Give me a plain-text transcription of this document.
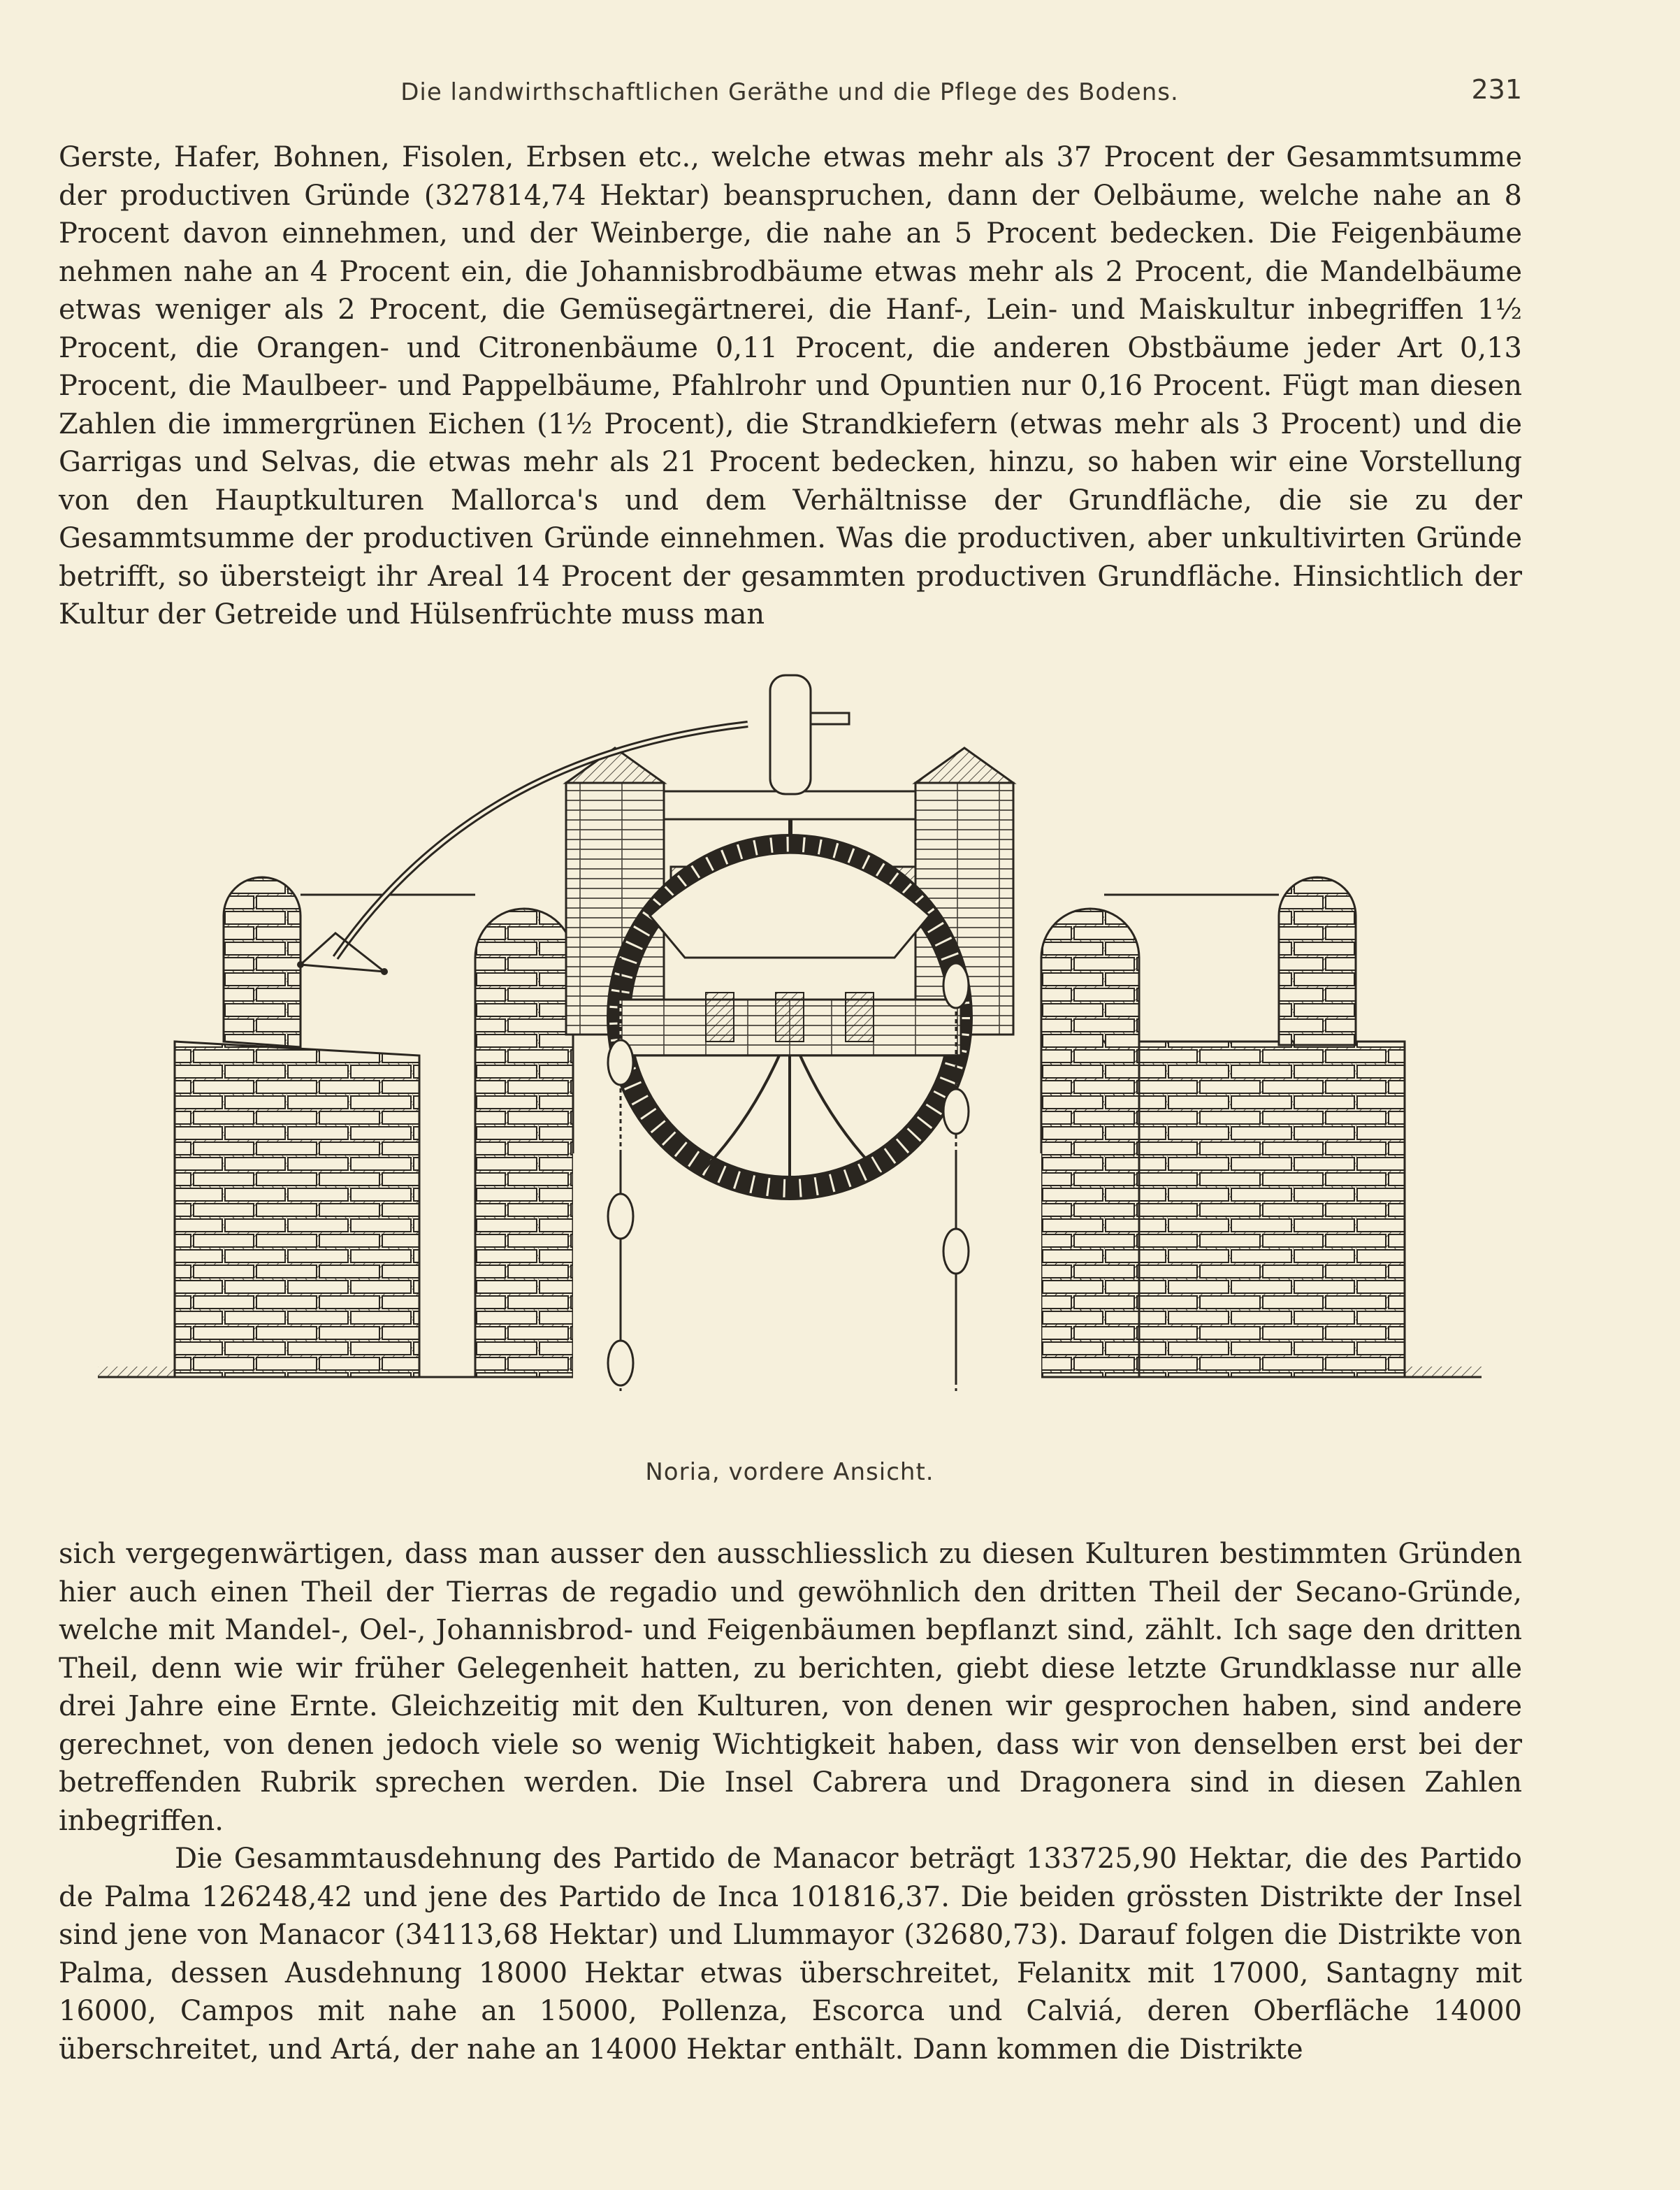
Die landwirthschaftlichen Geräthe und die Pflege des Bodens.	231

Gerste, Hafer, Bohnen, Fisolen, Erbsen etc., welche etwas mehr als 37 Procent der Gesammtsumme der productiven Gründe (327814,74 Hektar) beanspruchen, dann der Oelbäume, welche nahe an 8 Procent davon einnehmen, und der Weinberge, die nahe an 5 Procent bedecken. Die Feigenbäume nehmen nahe an 4 Procent ein, die Johannisbrodbäume etwas mehr als 2 Procent, die Mandelbäume etwas weniger als 2 Procent, die Gemüsegärtnerei, die Hanf-, Lein- und Maiskultur inbegriffen 1½ Procent, die Orangen- und Citronenbäume 0,11 Procent, die anderen Obstbäume jeder Art 0,13 Procent, die Maulbeer- und Pappelbäume, Pfahlrohr und Opuntien nur 0,16 Procent. Fügt man diesen Zahlen die immergrünen Eichen (1½ Procent), die Strandkiefern (etwas mehr als 3 Procent) und die Garrigas und Selvas, die etwas mehr als 21 Procent bedecken, hinzu, so haben wir eine Vorstellung von den Hauptkulturen Mallorca's und dem Verhältnisse der Grundfläche, die sie zu der Gesammtsumme der productiven Gründe einnehmen. Was die productiven, aber unkultivirten Gründe betrifft, so übersteigt ihr Areal 14 Procent der gesammten productiven Grundfläche. Hinsichtlich der Kultur der Getreide und Hülsenfrüchte muss man

Noria, vordere Ansicht.

sich vergegenwärtigen, dass man ausser den ausschliesslich zu diesen Kulturen bestimmten Gründen hier auch einen Theil der Tierras de regadio und gewöhnlich den dritten Theil der Secano-Gründe, welche mit Mandel-, Oel-, Johannisbrod- und Feigenbäumen bepflanzt sind, zählt. Ich sage den dritten Theil, denn wie wir früher Gelegenheit hatten, zu berichten, giebt diese letzte Grundklasse nur alle drei Jahre eine Ernte. Gleichzeitig mit den Kulturen, von denen wir gesprochen haben, sind andere gerechnet, von denen jedoch viele so wenig Wichtigkeit haben, dass wir von denselben erst bei der betreffenden Rubrik sprechen werden. Die Insel Cabrera und Dragonera sind in diesen Zahlen inbegriffen.

Die Gesammtausdehnung des Partido de Manacor beträgt 133725,90 Hektar, die des Partido de Palma 126248,42 und jene des Partido de Inca 101816,37. Die beiden grössten Distrikte der Insel sind jene von Manacor (34113,68 Hektar) und Llummayor (32680,73). Darauf folgen die Distrikte von Palma, dessen Ausdehnung 18000 Hektar etwas überschreitet, Felanitx mit 17000, Santagny mit 16000, Campos mit nahe an 15000, Pollenza, Escorca und Calviá, deren Oberfläche 14000 überschreitet, und Artá, der nahe an 14000 Hektar enthält. Dann kommen die Distrikte
